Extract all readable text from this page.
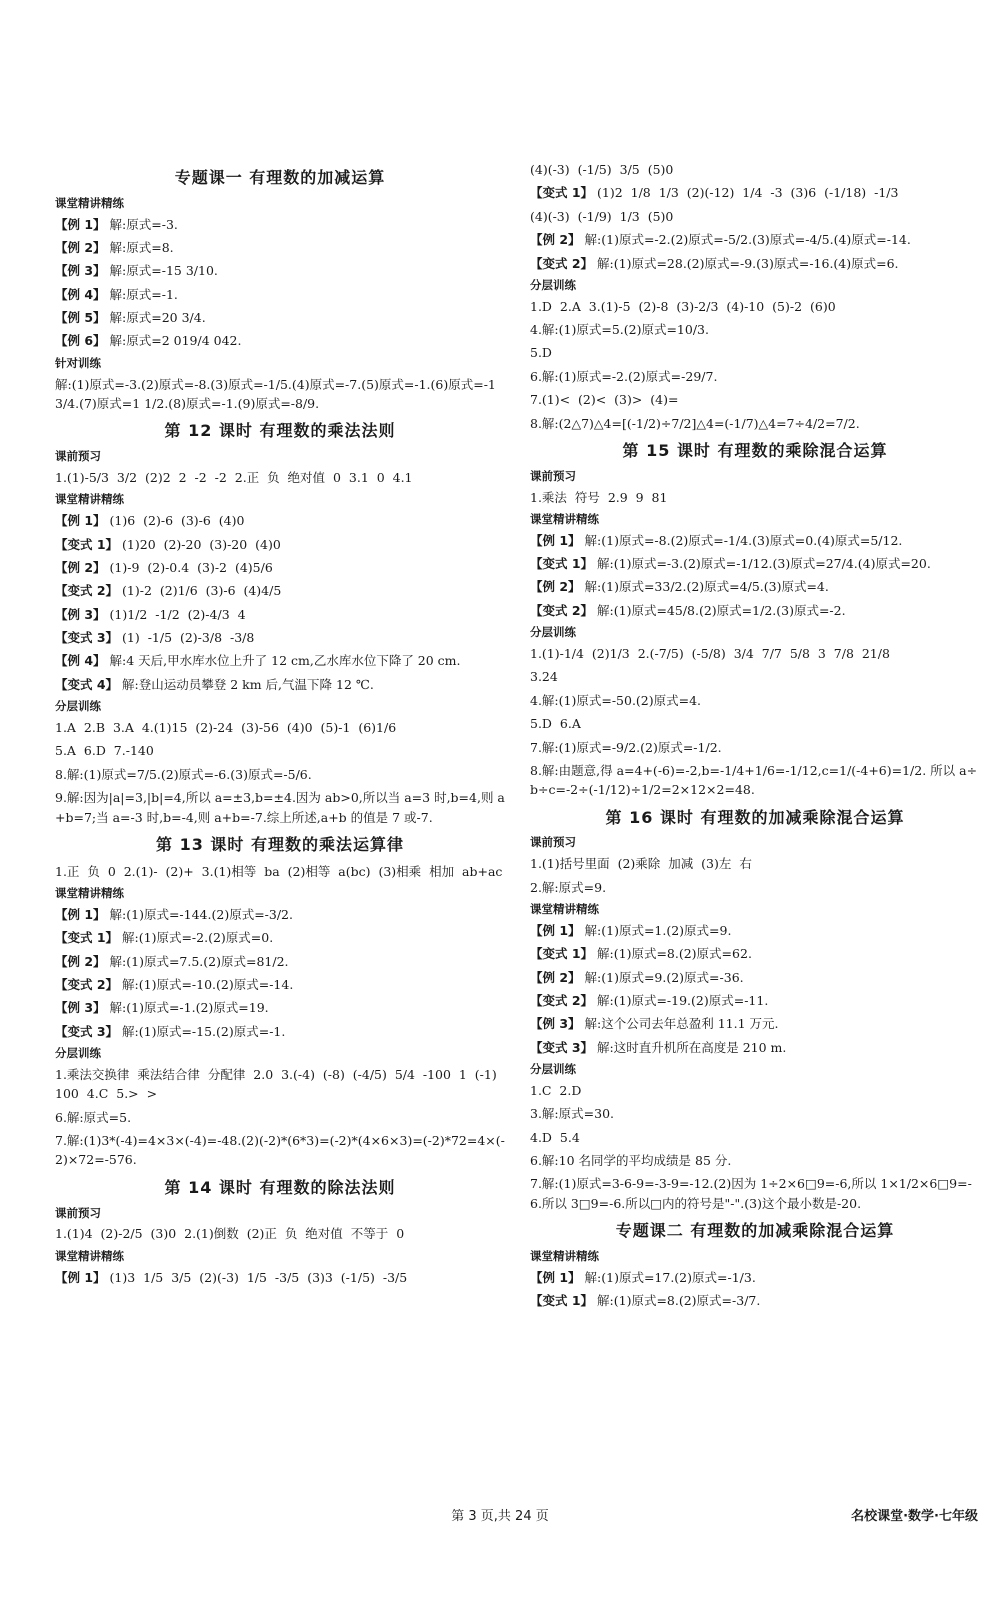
专题课一 有理数的加减运算
课堂精讲精练
【例 1】 解:原式=-3.
【例 2】 解:原式=8.
【例 3】 解:原式=-15 3/10.
【例 4】 解:原式=-1.
【例 5】 解:原式=20 3/4.
【例 6】 解:原式=2 019/4 042.
针对训练
解:(1)原式=-3.(2)原式=-8.(3)原式=-1/5.(4)原式=-7.(5)原式=-1.(6)原式=-13/4.(7)原式=1 1/2.(8)原式=-1.(9)原式=-8/9.
第 12 课时 有理数的乘法法则
课前预习
1.(1)-5/3  3/2  (2)2  2  -2  -2  2.正  负  绝对值  0  3.1  0  4.1
课堂精讲精练
【例 1】 (1)6  (2)-6  (3)-6  (4)0
【变式 1】 (1)20  (2)-20  (3)-20  (4)0
【例 2】 (1)-9  (2)-0.4  (3)-2  (4)5/6
【变式 2】 (1)-2  (2)1/6  (3)-6  (4)4/5
【例 3】 (1)1/2  -1/2  (2)-4/3  4
【变式 3】 (1)  -1/5  (2)-3/8  -3/8
【例 4】 解:4 天后,甲水库水位上升了 12 cm,乙水库水位下降了 20 cm.
【变式 4】 解:登山运动员攀登 2 km 后,气温下降 12 ℃.
分层训练
1.A  2.B  3.A  4.(1)15  (2)-24  (3)-56  (4)0  (5)-1  (6)1/6
5.A  6.D  7.-140
8.解:(1)原式=7/5.(2)原式=-6.(3)原式=-5/6.
9.解:因为|a|=3,|b|=4,所以 a=±3,b=±4.因为 ab>0,所以当 a=3 时,b=4,则 a+b=7;当 a=-3 时,b=-4,则 a+b=-7.综上所述,a+b 的值是 7 或-7.
第 13 课时 有理数的乘法运算律
1.正  负  0  2.(1)-  (2)+  3.(1)相等  ba  (2)相等  a(bc)  (3)相乘  相加  ab+ac
课堂精讲精练
【例 1】 解:(1)原式=-144.(2)原式=-3/2.
【变式 1】 解:(1)原式=-2.(2)原式=0.
【例 2】 解:(1)原式=7.5.(2)原式=81/2.
【变式 2】 解:(1)原式=-10.(2)原式=-14.
【例 3】 解:(1)原式=-1.(2)原式=19.
【变式 3】 解:(1)原式=-15.(2)原式=-1.
分层训练
1.乘法交换律  乘法结合律  分配律  2.0  3.(-4)  (-8)  (-4/5)  5/4  -100  1  (-1)  100  4.C  5.>  >
6.解:原式=5.
7.解:(1)3*(-4)=4×3×(-4)=-48.(2)(-2)*(6*3)=(-2)*(4×6×3)=(-2)*72=4×(-2)×72=-576.
第 14 课时 有理数的除法法则
课前预习
1.(1)4  (2)-2/5  (3)0  2.(1)倒数  (2)正  负  绝对值  不等于  0
课堂精讲精练
【例 1】 (1)3  1/5  3/5  (2)(-3)  1/5  -3/5  (3)3  (-1/5)  -3/5
(4)(-3)  (-1/5)  3/5  (5)0
【变式 1】 (1)2  1/8  1/3  (2)(-12)  1/4  -3  (3)6  (-1/18)  -1/3
(4)(-3)  (-1/9)  1/3  (5)0
【例 2】 解:(1)原式=-2.(2)原式=-5/2.(3)原式=-4/5.(4)原式=-14.
【变式 2】 解:(1)原式=28.(2)原式=-9.(3)原式=-16.(4)原式=6.
分层训练
1.D  2.A  3.(1)-5  (2)-8  (3)-2/3  (4)-10  (5)-2  (6)0
4.解:(1)原式=5.(2)原式=10/3.
5.D
6.解:(1)原式=-2.(2)原式=-29/7.
7.(1)<  (2)<  (3)>  (4)=
8.解:(2△7)△4=[(-1/2)÷7/2]△4=(-1/7)△4=7÷4/2=7/2.
第 15 课时 有理数的乘除混合运算
课前预习
1.乘法  符号  2.9  9  81
课堂精讲精练
【例 1】 解:(1)原式=-8.(2)原式=-1/4.(3)原式=0.(4)原式=5/12.
【变式 1】 解:(1)原式=-3.(2)原式=-1/12.(3)原式=27/4.(4)原式=20.
【例 2】 解:(1)原式=33/2.(2)原式=4/5.(3)原式=4.
【变式 2】 解:(1)原式=45/8.(2)原式=1/2.(3)原式=-2.
分层训练
1.(1)-1/4  (2)1/3  2.(-7/5)  (-5/8)  3/4  7/7  5/8  3  7/8  21/8
3.24
4.解:(1)原式=-50.(2)原式=4.
5.D  6.A
7.解:(1)原式=-9/2.(2)原式=-1/2.
8.解:由题意,得 a=4+(-6)=-2,b=-1/4+1/6=-1/12,c=1/(-4+6)=1/2. 所以 a÷b÷c=-2÷(-1/12)÷1/2=2×12×2=48.
第 16 课时 有理数的加减乘除混合运算
课前预习
1.(1)括号里面  (2)乘除  加减  (3)左  右
2.解:原式=9.
课堂精讲精练
【例 1】 解:(1)原式=1.(2)原式=9.
【变式 1】 解:(1)原式=8.(2)原式=62.
【例 2】 解:(1)原式=9.(2)原式=-36.
【变式 2】 解:(1)原式=-19.(2)原式=-11.
【例 3】 解:这个公司去年总盈利 11.1 万元.
【变式 3】 解:这时直升机所在高度是 210 m.
分层训练
1.C  2.D
3.解:原式=30.
4.D  5.4
6.解:10 名同学的平均成绩是 85 分.
7.解:(1)原式=3-6-9=-3-9=-12.(2)因为 1÷2×6□9=-6,所以 1×1/2×6□9=-6.所以 3□9=-6.所以□内的符号是"-".(3)这个最小数是-20.
专题课二 有理数的加减乘除混合运算
课堂精讲精练
【例 1】 解:(1)原式=17.(2)原式=-1/3.
【变式 1】 解:(1)原式=8.(2)原式=-3/7.
第 3 页,共 24 页	名校课堂·数学·七年级
